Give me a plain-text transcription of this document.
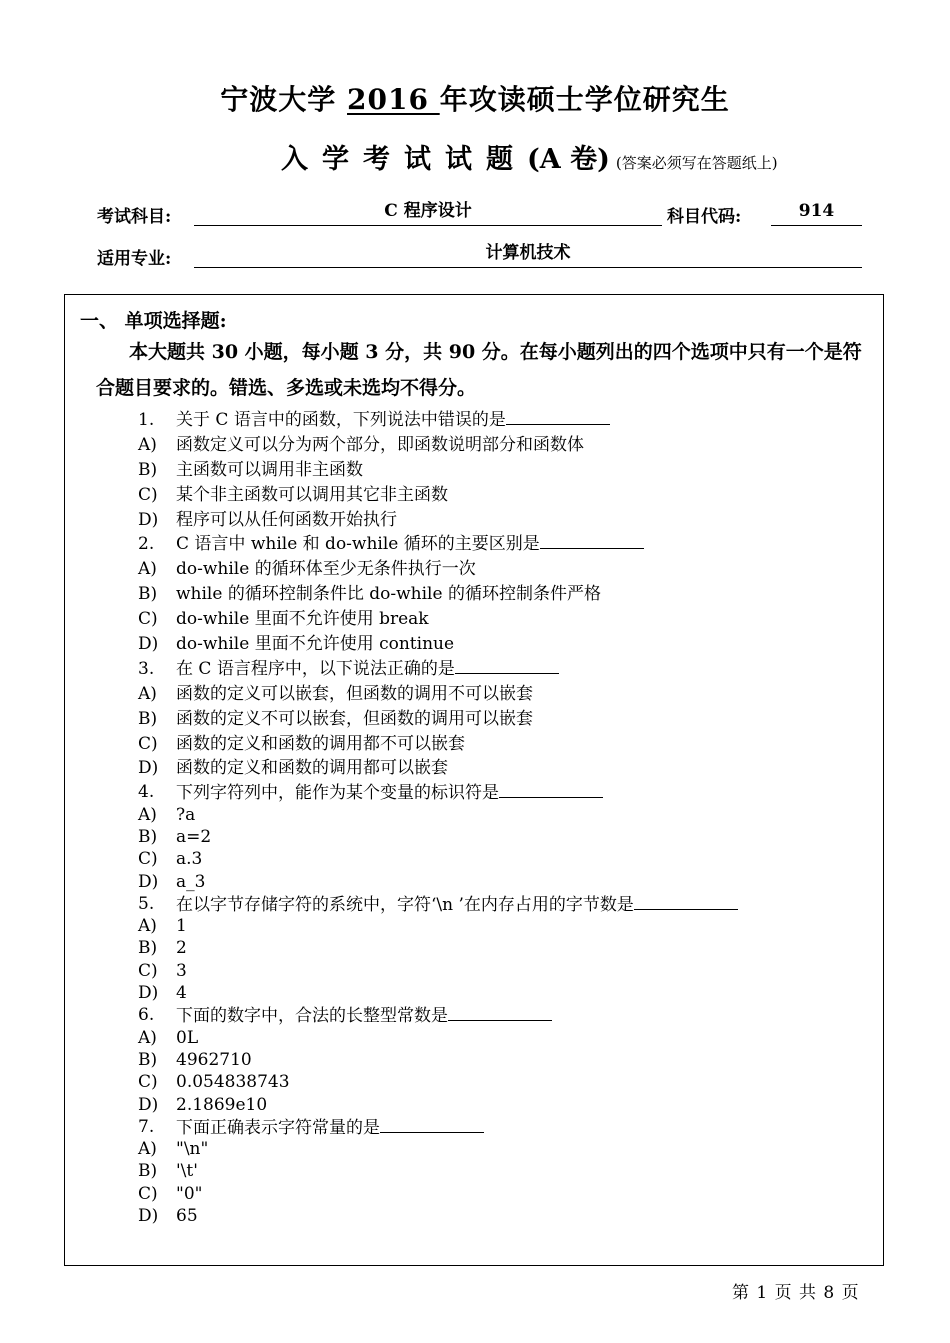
宁波大学 2016 年攻读硕士学位研究生
入学考试试题(A 卷) (答案必须写在答题纸上)
考试科目:	C 程序设计	科目代码:	914
适用专业:	计算机技术
一、 单项选择题:
本大题共 30 小题，每小题 3 分，共 90 分。在每小题列出的四个选项中只有一个是符合题目要求的。错选、多选或未选均不得分。
1.	关于 C 语言中的函数，下列说法中错误的是
A)	函数定义可以分为两个部分，即函数说明部分和函数体
B)	主函数可以调用非主函数
C)	某个非主函数可以调用其它非主函数
D)	程序可以从任何函数开始执行
2.	C 语言中 while 和 do-while 循环的主要区别是
A)	do-while 的循环体至少无条件执行一次
B)	while 的循环控制条件比 do-while 的循环控制条件严格
C)	do-while 里面不允许使用 break
D)	do-while 里面不允许使用 continue
3.	在 C 语言程序中，以下说法正确的是
A)	函数的定义可以嵌套，但函数的调用不可以嵌套
B)	函数的定义不可以嵌套，但函数的调用可以嵌套
C)	函数的定义和函数的调用都不可以嵌套
D)	函数的定义和函数的调用都可以嵌套
4.	下列字符列中，能作为某个变量的标识符是
A)	?a
B)	a=2
C)	a.3
D)	a_3
5.	在以字节存储字符的系统中，字符‘\n ’在内存占用的字节数是
A)	1
B)	2
C)	3
D)	4
6.	下面的数字中，合法的长整型常数是
A)	0L
B)	4962710
C)	0.054838743
D)	2.1869e10
7.	下面正确表示字符常量的是
A)	"\n"
B)	'\t'
C)	"0"
D)	65
第 1 页 共 8 页
